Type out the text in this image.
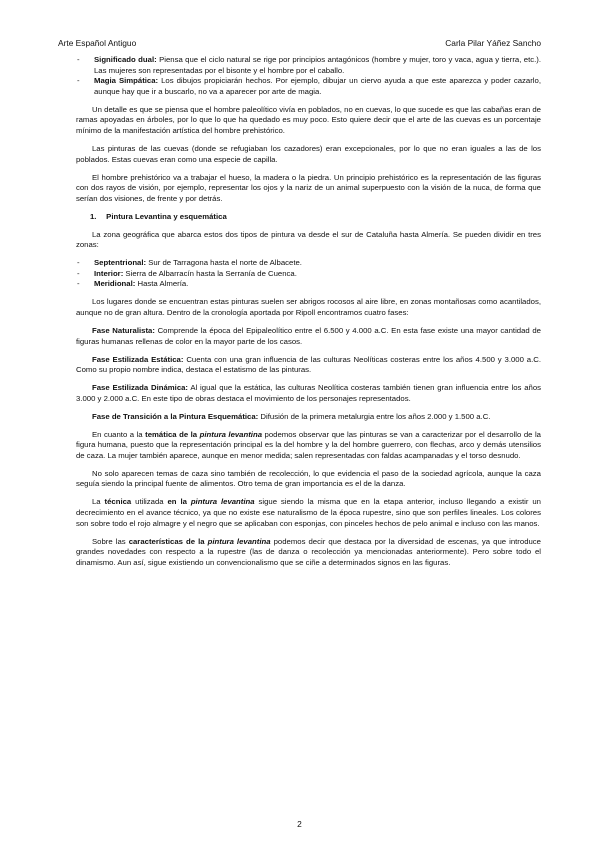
Arte Español Antiguo	Carla Pilar Yáñez Sancho
- Significado dual: Piensa que el ciclo natural se rige por principios antagónicos (hombre y mujer, toro y vaca, agua y tierra, etc.). Las mujeres son representadas por el bisonte y el hombre por el caballo.
- Magia Simpática: Los dibujos propiciarán hechos. Por ejemplo, dibujar un ciervo ayuda a que este aparezca y poder cazarlo, aunque hay que ir a buscarlo, no va a aparecer por arte de magia.

Un detalle es que se piensa que el hombre paleolítico vivía en poblados, no en cuevas, lo que sucede es que las cabañas eran de ramas apoyadas en árboles, por lo que lo que ha quedado es muy poco. Esto quiere decir que el arte de las cuevas es un porcentaje mínimo de la manifestación artística del hombre prehistórico.

Las pinturas de las cuevas (donde se refugiaban los cazadores) eran excepcionales, por lo que no eran iguales a las de los poblados. Estas cuevas eran como una especie de capilla.

El hombre prehistórico va a trabajar el hueso, la madera o la piedra. Un principio prehistórico es la representación de las figuras con dos rayos de visión, por ejemplo, representar los ojos y la nariz de un animal superpuesto con la visión de la nuca, de forma que serían dos visiones, de frente y por detrás.

1. Pintura Levantina y esquemática

La zona geográfica que abarca estos dos tipos de pintura va desde el sur de Cataluña hasta Almería. Se pueden dividir en tres zonas:

- Septentrional: Sur de Tarragona hasta el norte de Albacete.
- Interior: Sierra de Albarracín hasta la Serranía de Cuenca.
- Meridional: Hasta Almería.

Los lugares donde se encuentran estas pinturas suelen ser abrigos rocosos al aire libre, en zonas montañosas como acantilados, aunque no de gran altura. Dentro de la cronología aportada por Ripoll encontramos cuatro fases:

Fase Naturalista: Comprende la época del Epipaleolítico entre el 6.500 y 4.000 a.C. En esta fase existe una mayor cantidad de figuras humanas rellenas de color en la mayor parte de los casos.

Fase Estilizada Estática: Cuenta con una gran influencia de las culturas Neolíticas costeras entre los años 4.500 y 3.000 a.C. Como su propio nombre indica, destaca el estatismo de las pinturas.

Fase Estilizada Dinámica: Al igual que la estática, las culturas Neolítica costeras también tienen gran influencia entre los años 3.000 y 2.000 a.C. En este tipo de obras destaca el movimiento de los personajes representados.

Fase de Transición a la Pintura Esquemática: Difusión de la primera metalurgia entre los años 2.000 y 1.500 a.C.

En cuanto a la temática de la pintura levantina podemos observar que las pinturas se van a caracterizar por el desarrollo de la figura humana, puesto que la representación principal es la del hombre y la del hombre guerrero, con flechas, arco y demás utensilios de caza. La mujer también aparece, aunque en menor medida; salen representadas con faldas acampanadas y el torso desnudo.

No solo aparecen temas de caza sino también de recolección, lo que evidencia el paso de la sociedad agrícola, aunque la caza seguía siendo la principal fuente de alimentos. Otro tema de gran importancia es el de la danza.

La técnica utilizada en la pintura levantina sigue siendo la misma que en la etapa anterior, incluso llegando a existir un decrecimiento en el avance técnico, ya que no existe ese naturalismo de la época rupestre, sino que son perfiles lineales. Los colores son sobre todo el rojo almagre y el negro que se aplicaban con esponjas, con pinceles hechos de pelo animal e incluso con las manos.

Sobre las características de la pintura levantina podemos decir que destaca por la diversidad de escenas, ya que introduce grandes novedades con respecto a la rupestre (las de danza o recolección ya mencionadas anteriormente). Pero sobre todo el dinamismo. Aun así, sigue existiendo un convencionalismo que se ciñe a determinados signos en las figuras.

2
